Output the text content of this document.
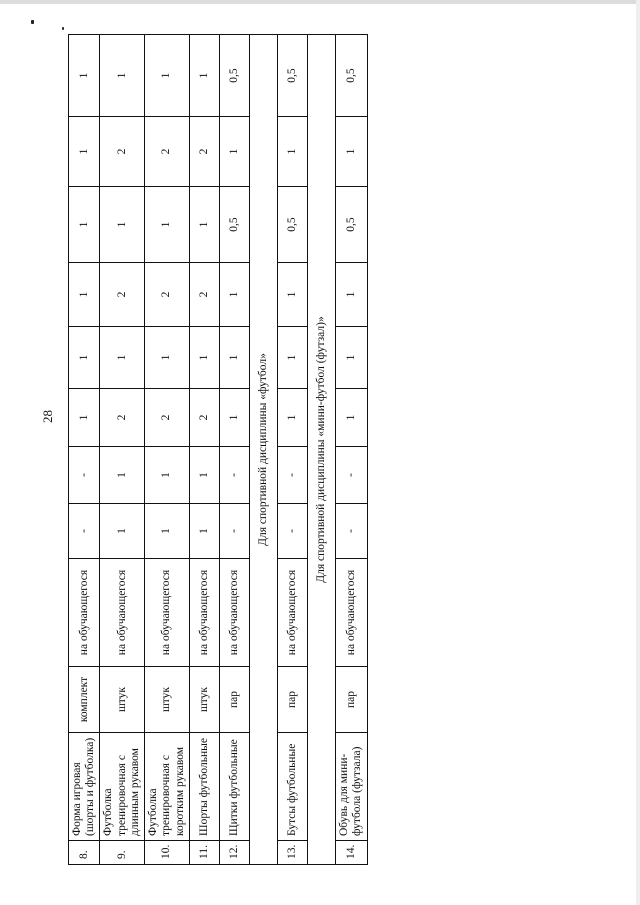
28
8.	Форма игровая (шорты и футболка)	комплект	на обучающегося	-	-	1	1	1	1	1	1
9.	Футболка тренировочная с длинным рукавом	штук	на обучающегося	1	1	2	1	2	1	2	1
10.	Футболка тренировочная с коротким рукавом	штук	на обучающегося	1	1	2	1	2	1	2	1
11.	Шорты футбольные	штук	на обучающегося	1	1	2	1	2	1	2	1
12.	Щитки футбольные	пар	на обучающегося	-	-	1	1	1	0,5	1	0,5
Для спортивной дисциплины «футбол»											
13.	Бутсы футбольные	пар	на обучающегося	-	-	1	1	1	0,5	1	0,5
Для спортивной дисциплины «мини-футбол (футзал)»											
14.	Обувь для мини-футбола (футзала)	пар	на обучающегося	-	-	1	1	1	0,5	1	0,5
